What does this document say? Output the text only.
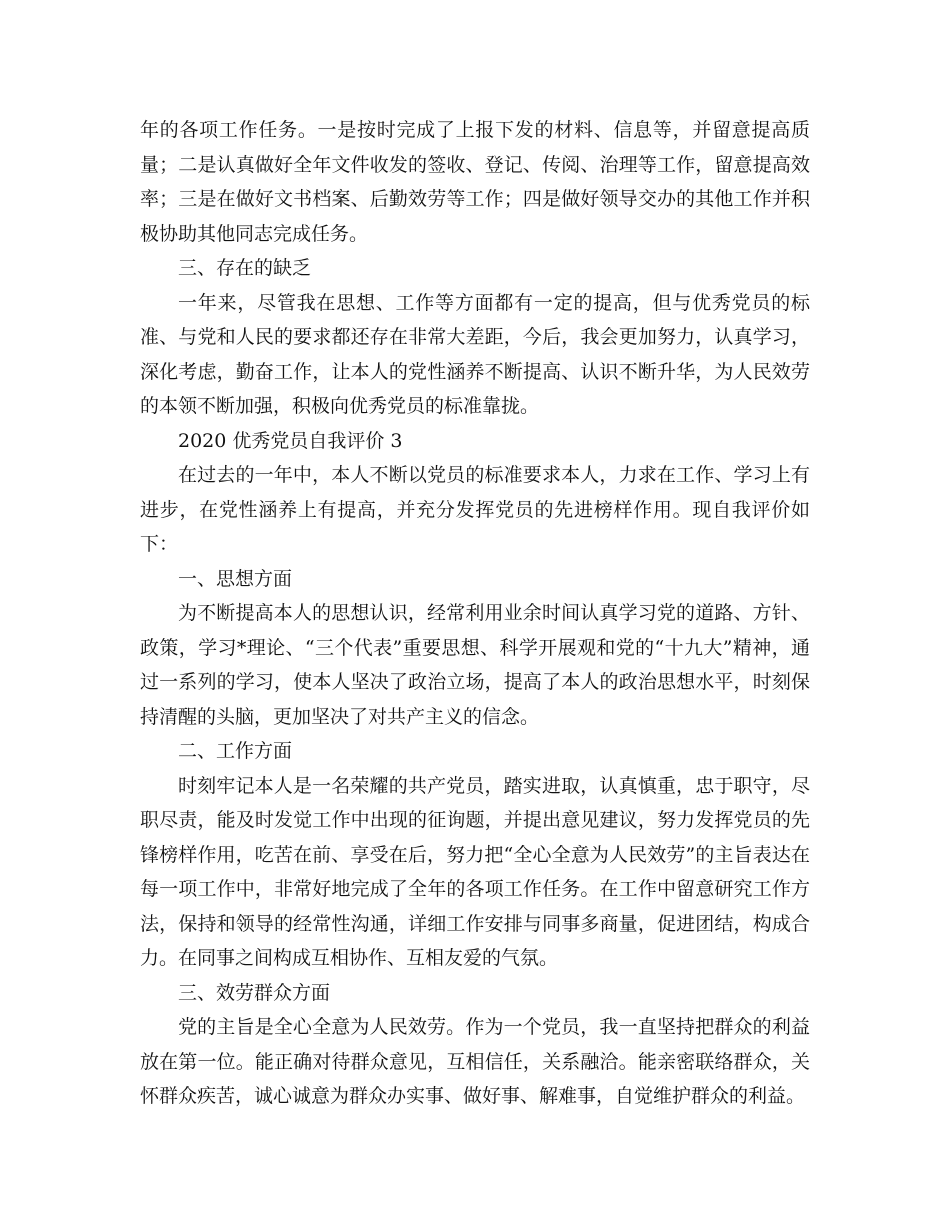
年的各项工作任务。一是按时完成了上报下发的材料、信息等，并留意提高质量；二是认真做好全年文件收发的签收、登记、传阅、治理等工作，留意提高效率；三是在做好文书档案、后勤效劳等工作；四是做好领导交办的其他工作并积极协助其他同志完成任务。

三、存在的缺乏

一年来，尽管我在思想、工作等方面都有一定的提高，但与优秀党员的标准、与党和人民的要求都还存在非常大差距，今后，我会更加努力，认真学习，深化考虑，勤奋工作，让本人的党性涵养不断提高、认识不断升华，为人民效劳的本领不断加强，积极向优秀党员的标准靠拢。

2020 优秀党员自我评价 3

在过去的一年中，本人不断以党员的标准要求本人，力求在工作、学习上有进步，在党性涵养上有提高，并充分发挥党员的先进榜样作用。现自我评价如下：

一、思想方面

为不断提高本人的思想认识，经常利用业余时间认真学习党的道路、方针、政策，学习*理论、“三个代表”重要思想、科学开展观和党的“十九大”精神，通过一系列的学习，使本人坚决了政治立场，提高了本人的政治思想水平，时刻保持清醒的头脑，更加坚决了对共产主义的信念。

二、工作方面

时刻牢记本人是一名荣耀的共产党员，踏实进取，认真慎重，忠于职守，尽职尽责，能及时发觉工作中出现的征询题，并提出意见建议，努力发挥党员的先锋榜样作用，吃苦在前、享受在后，努力把“全心全意为人民效劳”的主旨表达在每一项工作中，非常好地完成了全年的各项工作任务。在工作中留意研究工作方法，保持和领导的经常性沟通，详细工作安排与同事多商量，促进团结，构成合力。在同事之间构成互相协作、互相友爱的气氛。

三、效劳群众方面

党的主旨是全心全意为人民效劳。作为一个党员，我一直坚持把群众的利益放在第一位。能正确对待群众意见，互相信任，关系融洽。能亲密联络群众，关怀群众疾苦，诚心诚意为群众办实事、做好事、解难事，自觉维护群众的利益。
